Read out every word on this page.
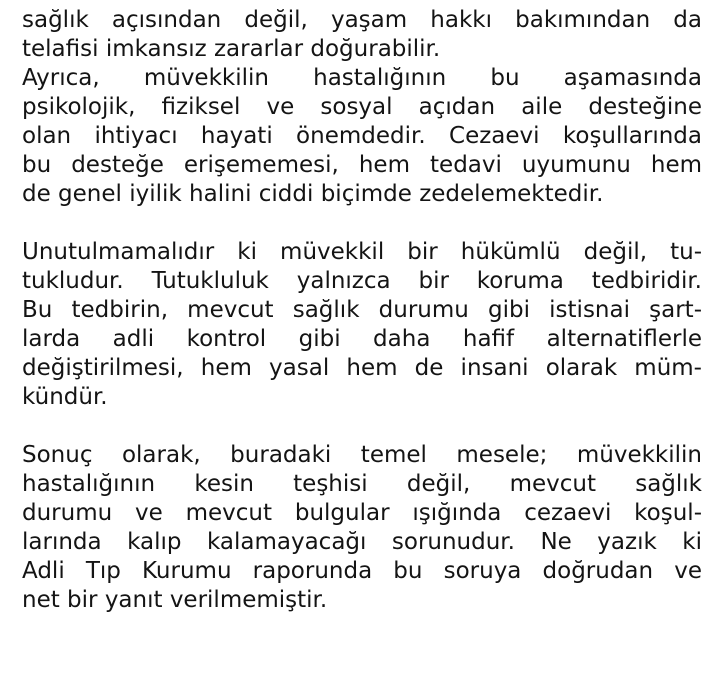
sağlık açısından değil, yaşam hakkı bakımından da
telafisi imkansız zararlar doğurabilir.
Ayrıca, müvekkilin hastalığının bu aşamasında
psikolojik, fiziksel ve sosyal açıdan aile desteğine
olan ihtiyacı hayati önemdedir. Cezaevi koşullarında
bu desteğe erişememesi, hem tedavi uyumunu hem
de genel iyilik halini ciddi biçimde zedelemektedir.
Unutulmamalıdır ki müvekkil bir hükümlü değil, tu-
tukludur. Tutukluluk yalnızca bir koruma tedbiridir.
Bu tedbirin, mevcut sağlık durumu gibi istisnai şart-
larda adli kontrol gibi daha hafif alternatiflerle
değiştirilmesi, hem yasal hem de insani olarak müm-
kündür.
Sonuç olarak, buradaki temel mesele; müvekkilin
hastalığının kesin teşhisi değil, mevcut sağlık
durumu ve mevcut bulgular ışığında cezaevi koşul-
larında kalıp kalamayacağı sorunudur. Ne yazık ki
Adli Tıp Kurumu raporunda bu soruya doğrudan ve
net bir yanıt verilmemiştir.
